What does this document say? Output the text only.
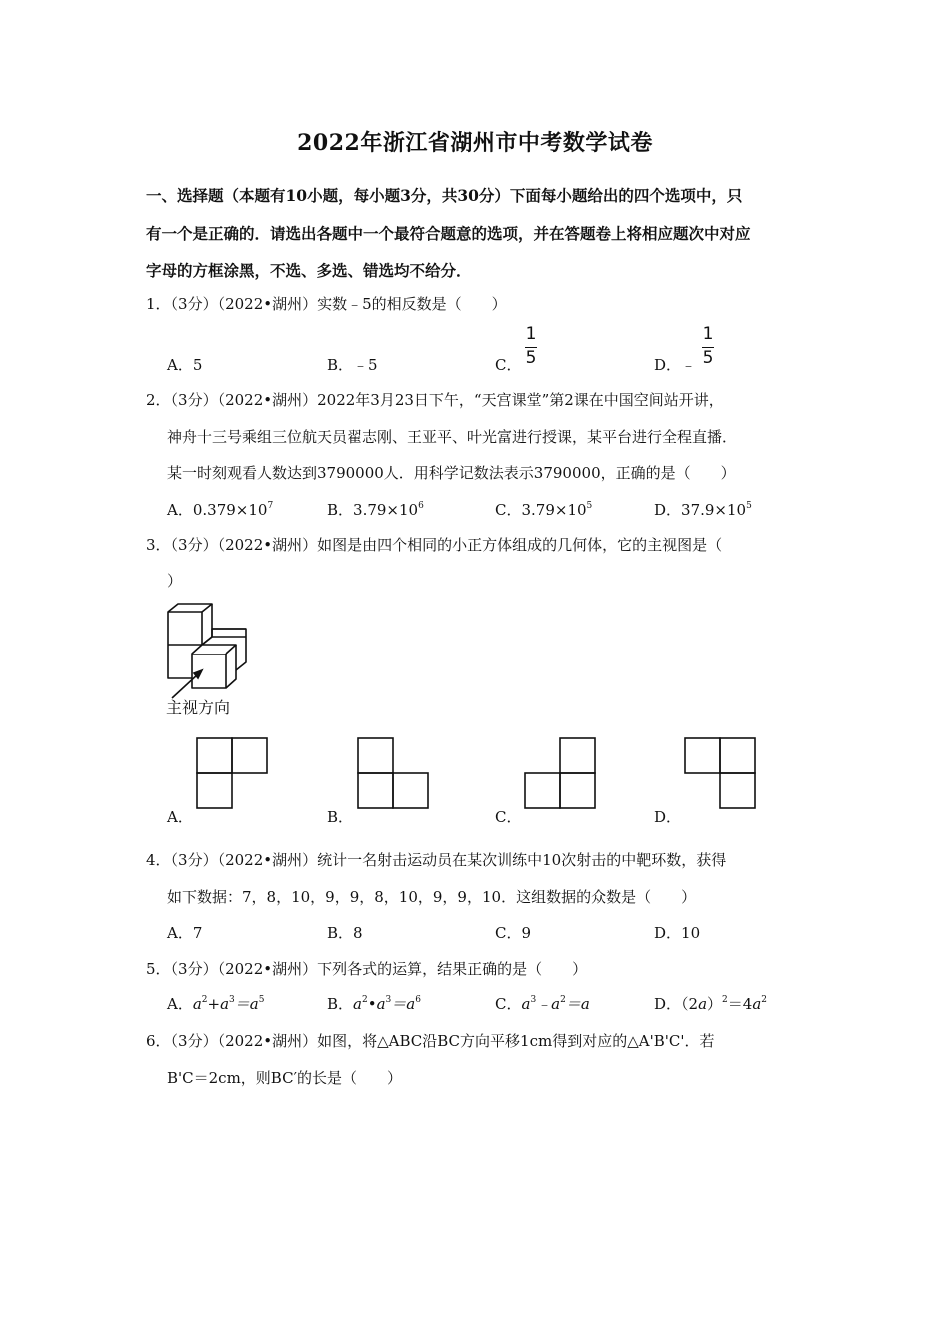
2022年浙江省湖州市中考数学试卷
一、选择题（本题有10小题，每小题3分，共30分）下面每小题给出的四个选项中，只
有一个是正确的．请选出各题中一个最符合题意的选项，并在答题卷上将相应题次中对应
字母的方框涂黑，不选、多选、错选均不给分．
1．（3分）（2022•湖州）实数﹣5的相反数是（　　）
A．5	B．﹣5	C．
1
5	D．﹣
1
5
2．（3分）（2022•湖州）2022年3月23日下午，“天宫课堂”第2课在中国空间站开讲，
神舟十三号乘组三位航天员翟志刚、王亚平、叶光富进行授课，某平台进行全程直播．
某一时刻观看人数达到3790000人．用科学记数法表示3790000，正确的是（　　）
A．$0.379\times 10^7$	B．$3.79\times 10^6$	C．$3.79\times 10^5$	D．$37.9\times 10^5$
3．（3分）（2022•湖州）如图是由四个相同的小正方体组成的几何体，它的主视图是（
）
主视方向
A．	B．	C．	D．
4．（3分）（2022•湖州）统计一名射击运动员在某次训练中10次射击的中靶环数，获得
如下数据：7，8，10，9，9，8，10，9，9，10．这组数据的众数是（　　）
A．7	B．8	C．9	D．10
5．（3分）（2022•湖州）下列各式的运算，结果正确的是（　　）
A．$a^2+a^3=a^5$	B．$a^2•a^3=a^6$	C．$a^3﹣a^2=a$	D．$(2a)^2=4a^2$
6．（3分）（2022•湖州）如图，将△ABC沿BC方向平移1cm得到对应的△A'B'C'．若
B'C＝2cm，则BC′的长是（　　）
